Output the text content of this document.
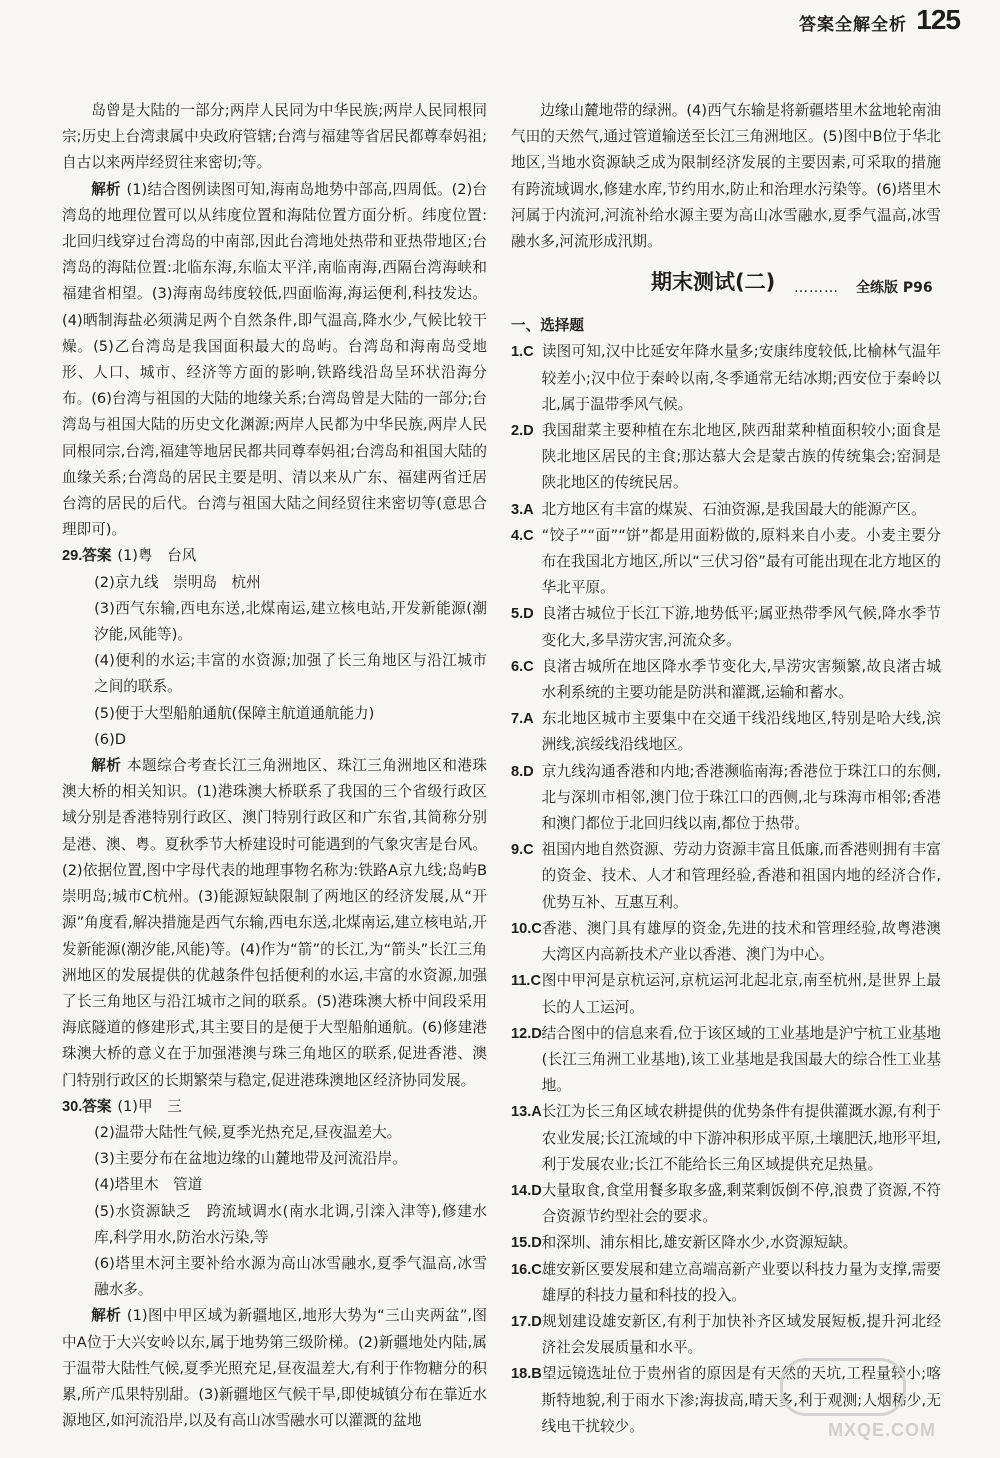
答案全解全析 125

岛曾是大陆的一部分;两岸人民同为中华民族;两岸人民同根同宗;历史上台湾隶属中央政府管辖;台湾与福建等省居民都尊奉妈祖;自古以来两岸经贸往来密切;等。

解析 (1)结合图例读图可知,海南岛地势中部高,四周低。(2)台湾岛的地理位置可以从纬度位置和海陆位置方面分析。纬度位置:北回归线穿过台湾岛的中南部,因此台湾地处热带和亚热带地区;台湾岛的海陆位置:北临东海,东临太平洋,南临南海,西隔台湾海峡和福建省相望。(3)海南岛纬度较低,四面临海,海运便利,科技发达。(4)晒制海盐必须满足两个自然条件,即气温高,降水少,气候比较干燥。(5)乙台湾岛是我国面积最大的岛屿。台湾岛和海南岛受地形、人口、城市、经济等方面的影响,铁路线沿岛呈环状沿海分布。(6)台湾与祖国的大陆的地缘关系;台湾岛曾是大陆的一部分;台湾岛与祖国大陆的历史文化渊源;两岸人民都为中华民族,两岸人民同根同宗,台湾,福建等地居民都共同尊奉妈祖;台湾岛和祖国大陆的血缘关系;台湾岛的居民主要是明、清以来从广东、福建两省迁居台湾的居民的后代。台湾与祖国大陆之间经贸往来密切等(意思合理即可)。

29.答案 (1)粤　台风

(2)京九线　崇明岛　杭州

(3)西气东输,西电东送,北煤南运,建立核电站,开发新能源(潮汐能,风能等)。

(4)便利的水运;丰富的水资源;加强了长三角地区与沿江城市之间的联系。

(5)便于大型船舶通航(保障主航道通航能力)

(6)D

解析 本题综合考查长江三角洲地区、珠江三角洲地区和港珠澳大桥的相关知识。(1)港珠澳大桥联系了我国的三个省级行政区域分别是香港特别行政区、澳门特别行政区和广东省,其简称分别是港、澳、粤。夏秋季节大桥建设时可能遇到的气象灾害是台风。(2)依据位置,图中字母代表的地理事物名称为:铁路A京九线;岛屿B崇明岛;城市C杭州。(3)能源短缺限制了两地区的经济发展,从“开源”角度看,解决措施是西气东输,西电东送,北煤南运,建立核电站,开发新能源(潮汐能,风能)等。(4)作为“箭”的长江,为“箭头”长江三角洲地区的发展提供的优越条件包括便利的水运,丰富的水资源,加强了长三角地区与沿江城市之间的联系。(5)港珠澳大桥中间段采用海底隧道的修建形式,其主要目的是便于大型船舶通航。(6)修建港珠澳大桥的意义在于加强港澳与珠三角地区的联系,促进香港、澳门特别行政区的长期繁荣与稳定,促进港珠澳地区经济协同发展。

30.答案 (1)甲　三

(2)温带大陆性气候,夏季光热充足,昼夜温差大。

(3)主要分布在盆地边缘的山麓地带及河流沿岸。

(4)塔里木　管道

(5)水资源缺乏　跨流域调水(南水北调,引滦入津等),修建水库,科学用水,防治水污染,等

(6)塔里木河主要补给水源为高山冰雪融水,夏季气温高,冰雪融水多。

解析 (1)图中甲区域为新疆地区,地形大势为“三山夹两盆”,图中A位于大兴安岭以东,属于地势第三级阶梯。(2)新疆地处内陆,属于温带大陆性气候,夏季光照充足,昼夜温差大,有利于作物糖分的积累,所产瓜果特别甜。(3)新疆地区气候干旱,即使城镇分布在靠近水源地区,如河流沿岸,以及有高山冰雪融水可以灌溉的盆地

边缘山麓地带的绿洲。(4)西气东输是将新疆塔里木盆地轮南油气田的天然气,通过管道输送至长江三角洲地区。(5)图中B位于华北地区,当地水资源缺乏成为限制经济发展的主要因素,可采取的措施有跨流域调水,修建水库,节约用水,防止和治理水污染等。(6)塔里木河属于内流河,河流补给水源主要为高山冰雪融水,夏季气温高,冰雪融水多,河流形成汛期。

期末测试(二) ……… 全练版 P96

一、选择题

1.C 读图可知,汉中比延安年降水量多;安康纬度较低,比榆林气温年较差小;汉中位于秦岭以南,冬季通常无结冰期;西安位于秦岭以北,属于温带季风气候。

2.D 我国甜菜主要种植在东北地区,陕西甜菜种植面积较小;面食是陕北地区居民的主食;那达慕大会是蒙古族的传统集会;窑洞是陕北地区的传统民居。

3.A 北方地区有丰富的煤炭、石油资源,是我国最大的能源产区。

4.C “饺子”“面”“饼”都是用面粉做的,原料来自小麦。小麦主要分布在我国北方地区,所以“三伏习俗”最有可能出现在北方地区的华北平原。

5.D 良渚古城位于长江下游,地势低平;属亚热带季风气候,降水季节变化大,多旱涝灾害,河流众多。

6.C 良渚古城所在地区降水季节变化大,旱涝灾害频繁,故良渚古城水利系统的主要功能是防洪和灌溉,运输和蓄水。

7.A 东北地区城市主要集中在交通干线沿线地区,特别是哈大线,滨洲线,滨绥线沿线地区。

8.D 京九线沟通香港和内地;香港濒临南海;香港位于珠江口的东侧,北与深圳市相邻,澳门位于珠江口的西侧,北与珠海市相邻;香港和澳门都位于北回归线以南,都位于热带。

9.C 祖国内地自然资源、劳动力资源丰富且低廉,而香港则拥有丰富的资金、技术、人才和管理经验,香港和祖国内地的经济合作,优势互补、互惠互利。

10.C香港、澳门具有雄厚的资金,先进的技术和管理经验,故粤港澳大湾区内高新技术产业以香港、澳门为中心。

11.C图中甲河是京杭运河,京杭运河北起北京,南至杭州,是世界上最长的人工运河。

12.D结合图中的信息来看,位于该区域的工业基地是沪宁杭工业基地(长江三角洲工业基地),该工业基地是我国最大的综合性工业基地。

13.A长江为长三角区域农耕提供的优势条件有提供灌溉水源,有利于农业发展;长江流域的中下游冲积形成平原,土壤肥沃,地形平坦,利于发展农业;长江不能给长三角区域提供充足热量。

14.D大量取食,食堂用餐多取多盛,剩菜剩饭倒不停,浪费了资源,不符合资源节约型社会的要求。

15.D和深圳、浦东相比,雄安新区降水少,水资源短缺。

16.C雄安新区要发展和建立高端高新产业要以科技力量为支撑,需要雄厚的科技力量和科技的投入。

17.D规划建设雄安新区,有利于加快补齐区域发展短板,提升河北经济社会发展质量和水平。

18.B望远镜选址位于贵州省的原因是有天然的天坑,工程量较小;喀斯特地貌,利于雨水下渗;海拔高,晴天多,利于观测;人烟稀少,无线电干扰较少。	MXQE.COM
